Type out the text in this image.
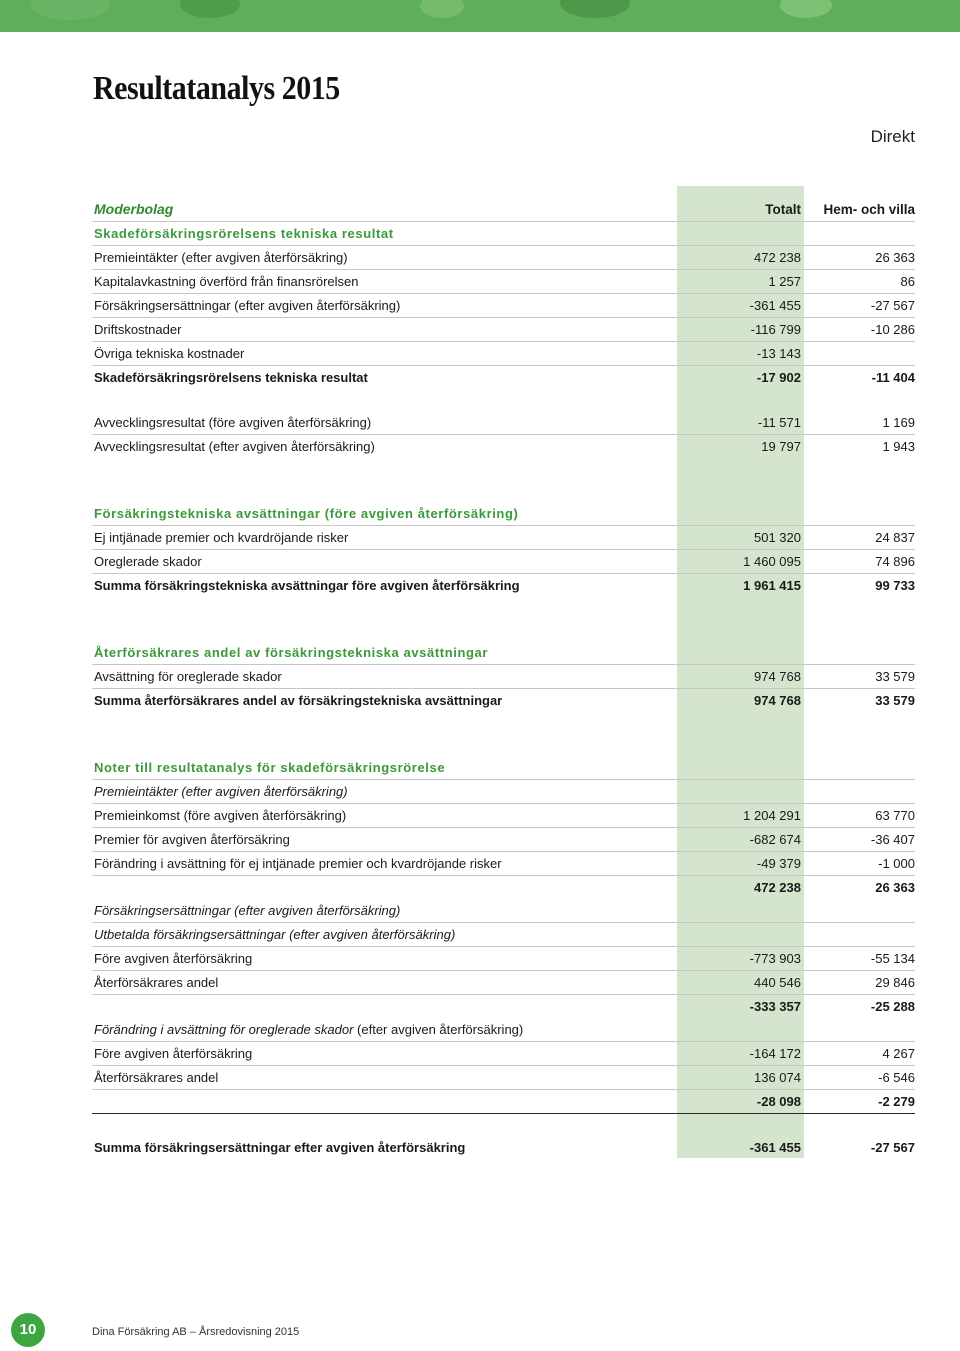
Resultatanalys 2015
Direkt
Moderbolag	Totalt Hem- och villa
Skadeförsäkringsrörelsens tekniska resultat
Premieintäkter (efter avgiven återförsäkring)	472 238	26 363
Kapitalavkastning överförd från finansrörelsen	1 257	86
Försäkringsersättningar (efter avgiven återförsäkring)	-361 455	-27 567
Driftskostnader	-116 799	-10 286
Övriga tekniska kostnader	-13 143
Skadeförsäkringsrörelsens tekniska resultat	-17 902	-11 404
Avvecklingsresultat (före avgiven återförsäkring)	-11 571	1 169
Avvecklingsresultat (efter avgiven återförsäkring)	19 797	1 943
Försäkringstekniska avsättningar (före avgiven återförsäkring)
Ej intjänade premier och kvardröjande risker	501 320	24 837
Oreglerade skador	1 460 095	74 896
Summa försäkringstekniska avsättningar före avgiven återförsäkring	1 961 415	99 733
Återförsäkrares andel av försäkringstekniska avsättningar
Avsättning för oreglerade skador	974 768	33 579
Summa återförsäkrares andel av försäkringstekniska avsättningar	974 768	33 579
Noter till resultatanalys för skadeförsäkringsrörelse
Premieintäkter (efter avgiven återförsäkring)
Premieinkomst (före avgiven återförsäkring)	1 204 291	63 770
Premier för avgiven återförsäkring	-682 674	-36 407
Förändring i avsättning för ej intjänade premier och kvardröjande risker	-49 379	-1 000
472 238	26 363
Försäkringsersättningar (efter avgiven återförsäkring)
Utbetalda försäkringsersättningar (efter avgiven återförsäkring)
Före avgiven återförsäkring	-773 903	-55 134
Återförsäkrares andel	440 546	29 846
-333 357	-25 288
Förändring i avsättning för oreglerade skador (efter avgiven återförsäkring)
Före avgiven återförsäkring	-164 172	4 267
Återförsäkrares andel	136 074	-6 546
-28 098	-2 279
Summa försäkringsersättningar efter avgiven återförsäkring	-361 455	-27 567
10	Dina Försäkring AB – Årsredovisning 2015
